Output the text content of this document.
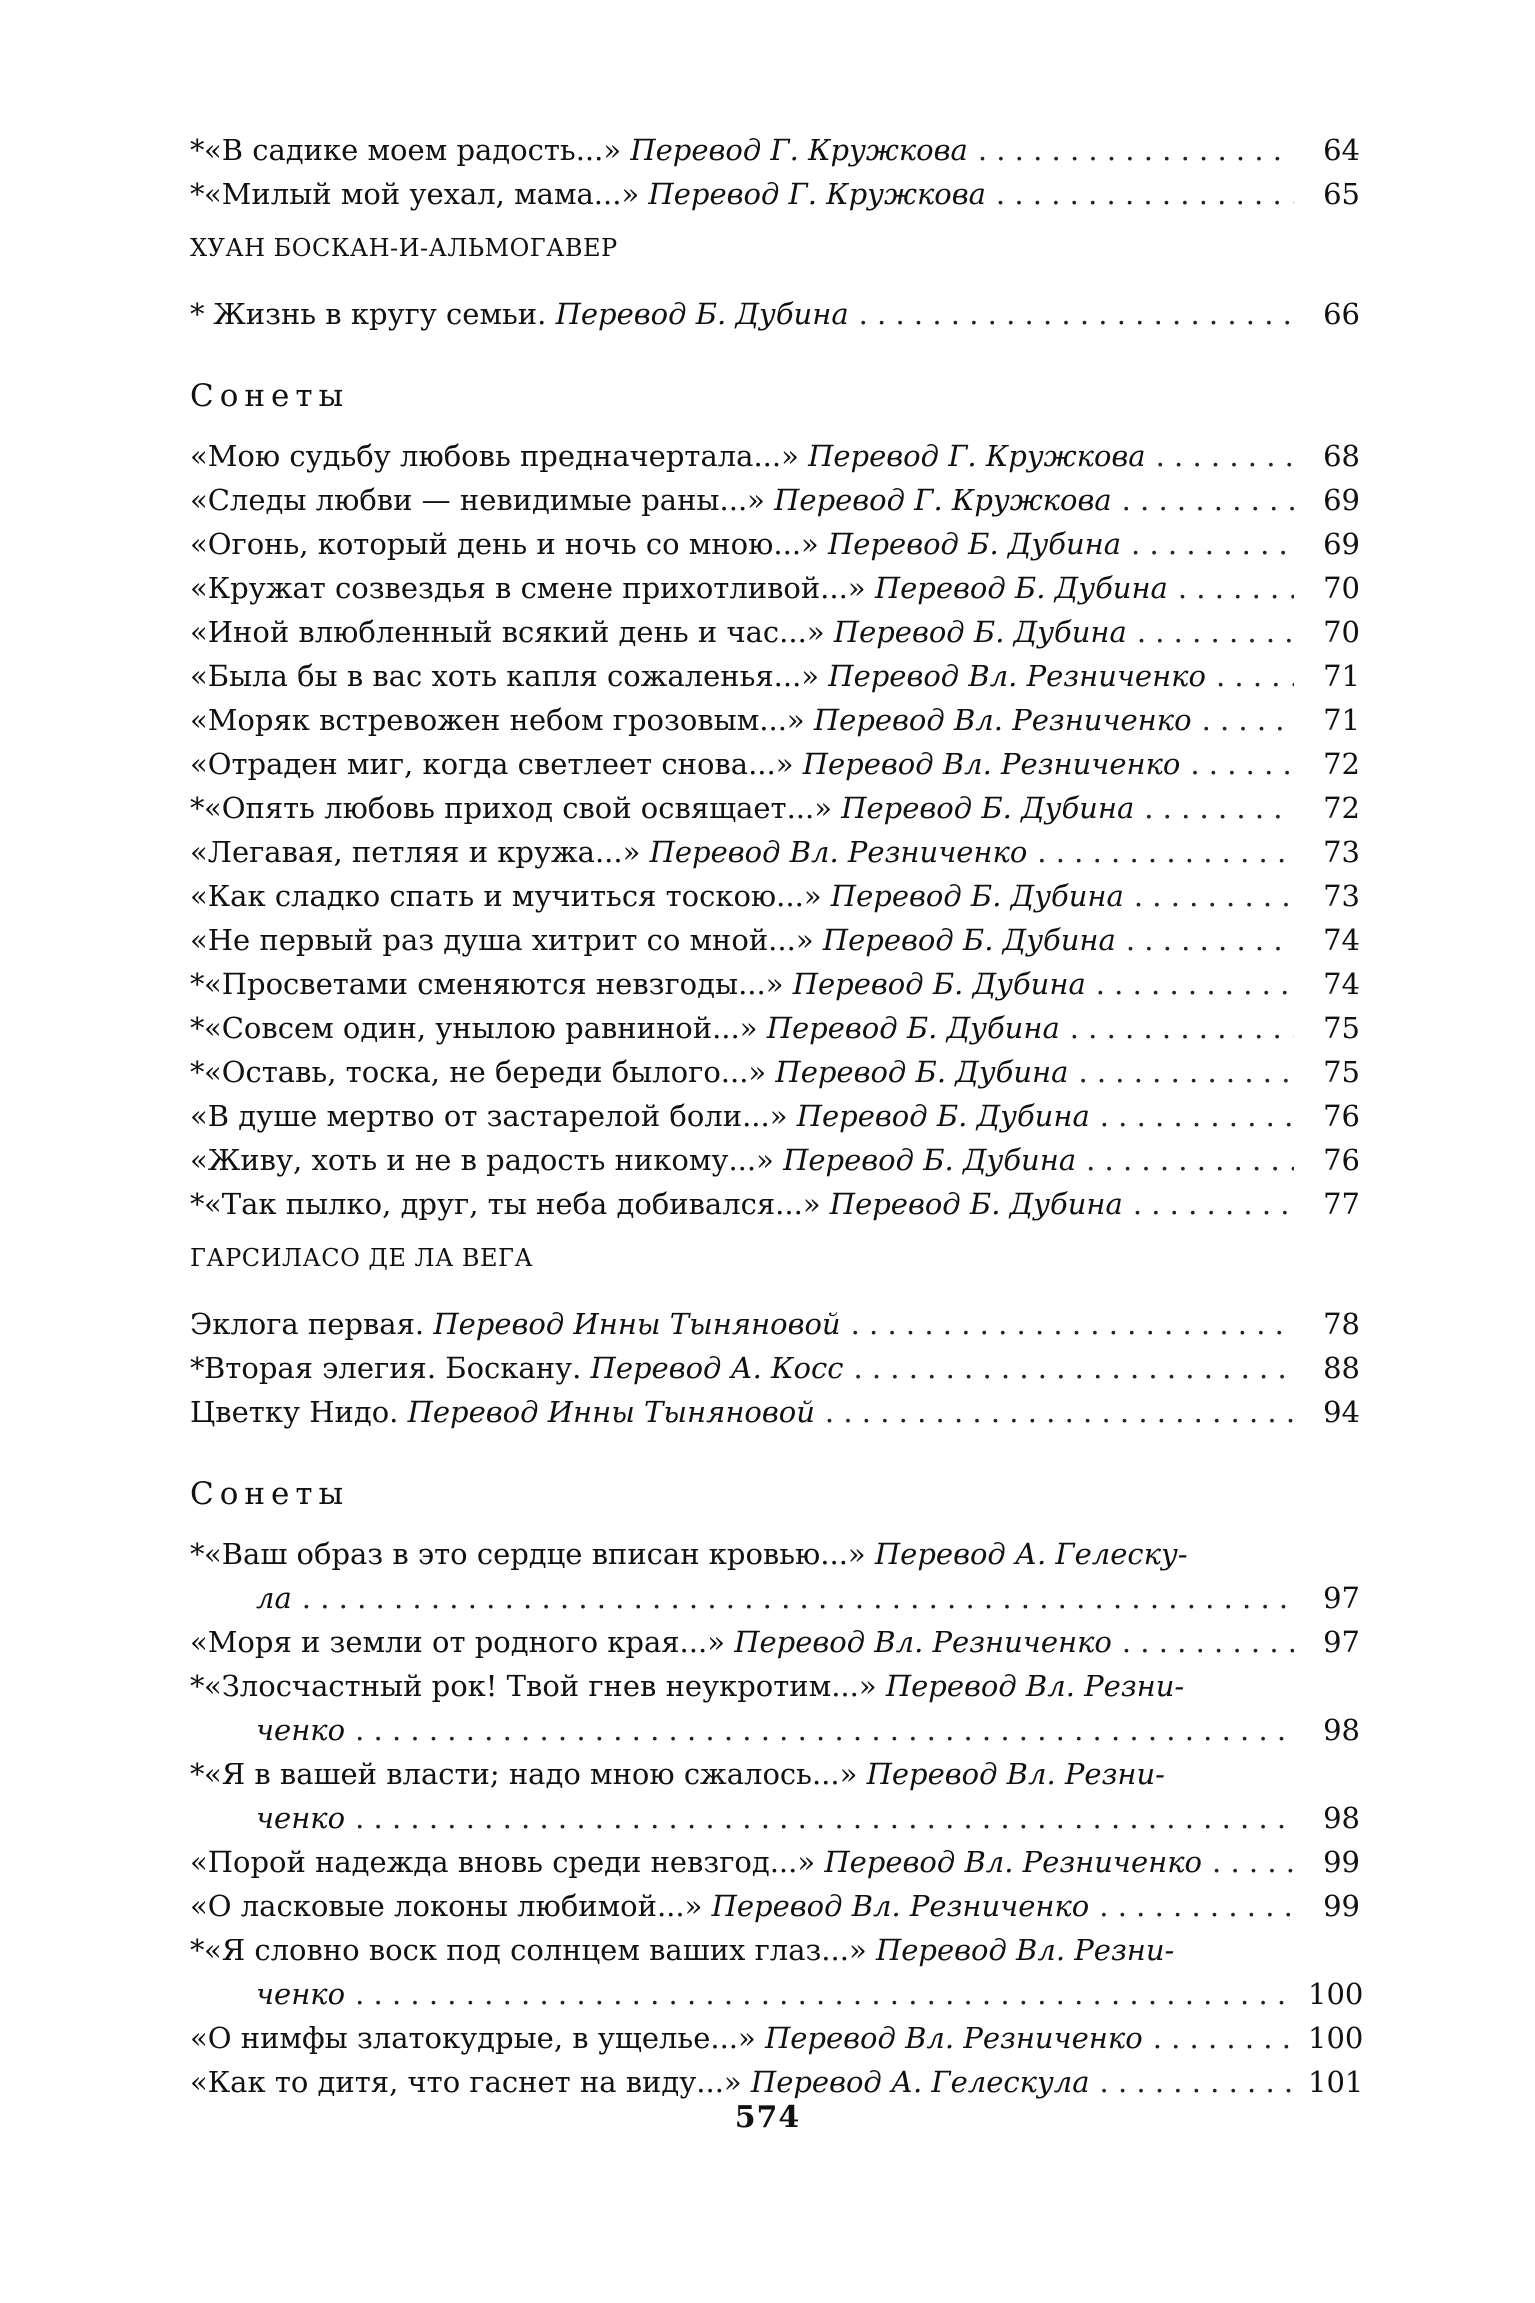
*«В садике моем радость...» Перевод Г. Кружкова . . .	64
*«Милый мой уехал, мама...» Перевод Г. Кружкова . . .	65
ХУАН БОСКАН-И-АЛЬМОГАВЕР
* Жизнь в кругу семьи. Перевод Б. Дубина . . .	66
Сонеты
«Мою судьбу любовь предначертала...» Перевод Г. Кружкова . . .	68
«Следы любви — невидимые раны...» Перевод Г. Кружкова . . .	69
«Огонь, который день и ночь со мною...» Перевод Б. Дубина . . .	69
«Кружат созвездья в смене прихотливой...» Перевод Б. Дубина . . .	70
«Иной влюбленный всякий день и час...» Перевод Б. Дубина . . .	70
«Была бы в вас хоть капля сожаленья...» Перевод Вл. Резниченко . . .	71
«Моряк встревожен небом грозовым...» Перевод Вл. Резниченко . . .	71
«Отраден миг, когда светлеет снова...» Перевод Вл. Резниченко . . .	72
*«Опять любовь приход свой освящает...» Перевод Б. Дубина . . .	72
«Легавая, петляя и кружа...» Перевод Вл. Резниченко . . .	73
«Как сладко спать и мучиться тоскою...» Перевод Б. Дубина . . .	73
«Не первый раз душа хитрит со мной...» Перевод Б. Дубина . . .	74
*«Просветами сменяются невзгоды...» Перевод Б. Дубина . . .	74
*«Совсем один, унылою равниной...» Перевод Б. Дубина . . .	75
*«Оставь, тоска, не береди былого...» Перевод Б. Дубина . . .	75
«В душе мертво от застарелой боли...» Перевод Б. Дубина . . .	76
«Живу, хоть и не в радость никому...» Перевод Б. Дубина . . .	76
*«Так пылко, друг, ты неба добивался...» Перевод Б. Дубина . . .	77
ГАРСИЛАСО ДЕ ЛА ВЕГА
Эклога первая. Перевод Инны Тыняновой . . .	78
*Вторая элегия. Боскану. Перевод А. Косс . . .	88
Цветку Нидо. Перевод Инны Тыняновой . . .	94
Сонеты
*«Ваш образ в это сердце вписан кровью...» Перевод А. Гелеску-
ла . . .	97
«Моря и земли от родного края...» Перевод Вл. Резниченко . . .	97
*«Злосчастный рок! Твой гнев неукротим...» Перевод Вл. Резни-
ченко . . .	98
*«Я в вашей власти; надо мною сжалось...» Перевод Вл. Резни-
ченко . . .	98
«Порой надежда вновь среди невзгод...» Перевод Вл. Резниченко . . .	99
«О ласковые локоны любимой...» Перевод Вл. Резниченко . . .	99
*«Я словно воск под солнцем ваших глаз...» Перевод Вл. Резни-
ченко . . .	100
«О нимфы златокудрые, в ущелье...» Перевод Вл. Резниченко . . .	100
«Как то дитя, что гаснет на виду...» Перевод А. Гелескула . . .	101
574
